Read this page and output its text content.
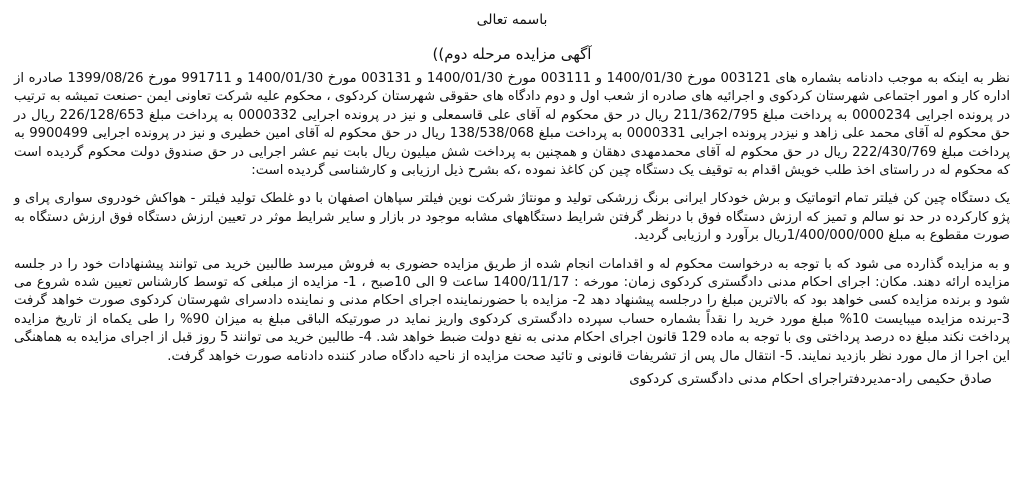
باسمه تعالی

آگهی مزایده مرحله دوم))

نظر به اینکه به موجب دادنامه بشماره های 003121 مورخ 1400/01/30 و 003111 مورخ 1400/01/30 و 003131 مورخ 1400/01/30 و 991711 مورخ 1399/08/26 صادره از اداره کار و امور اجتماعی شهرستان کردکوی و اجرائیه های صادره از شعب اول و دوم دادگاه های حقوقی شهرستان کردکوی ، محکوم علیه شرکت تعاونی ایمن -صنعت تمیشه به ترتیب در پرونده اجرایی 0000234 به پرداخت مبلغ 211/362/795 ریال در حق محکوم له آقای علی قاسمعلی و نیز در پرونده اجرایی 0000332 به پرداخت مبلغ 226/128/653 ریال در حق محکوم له آقای محمد علی زاهد و نیزدر پرونده اجرایی 0000331 به پرداخت مبلغ 138/538/068 ریال در حق محکوم له آقای امین خطیری و نیز در پرونده اجرایی 9900499 به پرداخت مبلغ 222/430/769 ریال در حق محکوم له آقای محمدمهدی دهقان و همچنین به پرداخت شش میلیون ریال بابت نیم عشر اجرایی در حق صندوق دولت محکوم گردیده است که محکوم له در راستای اخذ طلب خویش اقدام به توقیف یک دستگاه چین کن کاغذ نموده ،که بشرح ذیل ارزیابی و کارشناسی گردیده است:

یک دستگاه چین کن فیلتر تمام اتوماتیک و برش خودکار ایرانی برنگ زرشکی تولید و مونتاژ شرکت نوین فیلتر سپاهان اصفهان با دو غلطک تولید فیلتر - هواکش خودروی سواری پرای و پژو کارکرده در حد نو سالم و تمیز که ارزش دستگاه فوق با درنظر گرفتن شرایط دستگاههای مشابه موجود در بازار و سایر شرایط موثر در تعیین ارزش دستگاه فوق ارزش دستگاه به صورت مقطوع به مبلغ 1/400/000/000ریال برآورد و ارزیابی گردید.

و به مزایده گذارده می شود که با توجه به درخواست محکوم له و اقدامات انجام شده از طریق مزایده حضوری به فروش میرسد طالبین خرید می توانند پیشنهادات خود را در جلسه مزایده ارائه دهند. مکان: اجرای احکام مدنی دادگستری کردکوی زمان: مورخه : 1400/11/17 ساعت 9 الی 10صبح ، 1- مزایده از مبلغی که توسط کارشناس تعیین شده شروع می شود و برنده مزایده کسی خواهد بود که بالاترین مبلغ را درجلسه پیشنهاد دهد 2- مزایده با حضورنماینده اجرای احکام مدنی و نماینده دادسرای شهرستان کردکوی صورت خواهد گرفت 3-برنده مزایده میبایست 10% مبلغ مورد خرید را نقداً بشماره حساب سپرده دادگستری کردکوی واریز نماید در صورتیکه الباقی مبلغ به میزان 90% را طی یکماه از تاریخ مزایده پرداخت نکند مبلغ ده درصد پرداختی وی با توجه به ماده 129 قانون اجرای احکام مدنی به نفع دولت ضبط خواهد شد. 4- طالبین خرید می توانند 5 روز قبل از اجرای مزایده به هماهنگی این اجرا از مال مورد نظر بازدید نمایند. 5- انتقال مال پس از تشریفات قانونی و تائید صحت مزایده از ناحیه دادگاه صادر کننده دادنامه صورت خواهد گرفت.

صادق حکیمی راد-مدیردفتراجرای احکام مدنی دادگستری کردکوی
